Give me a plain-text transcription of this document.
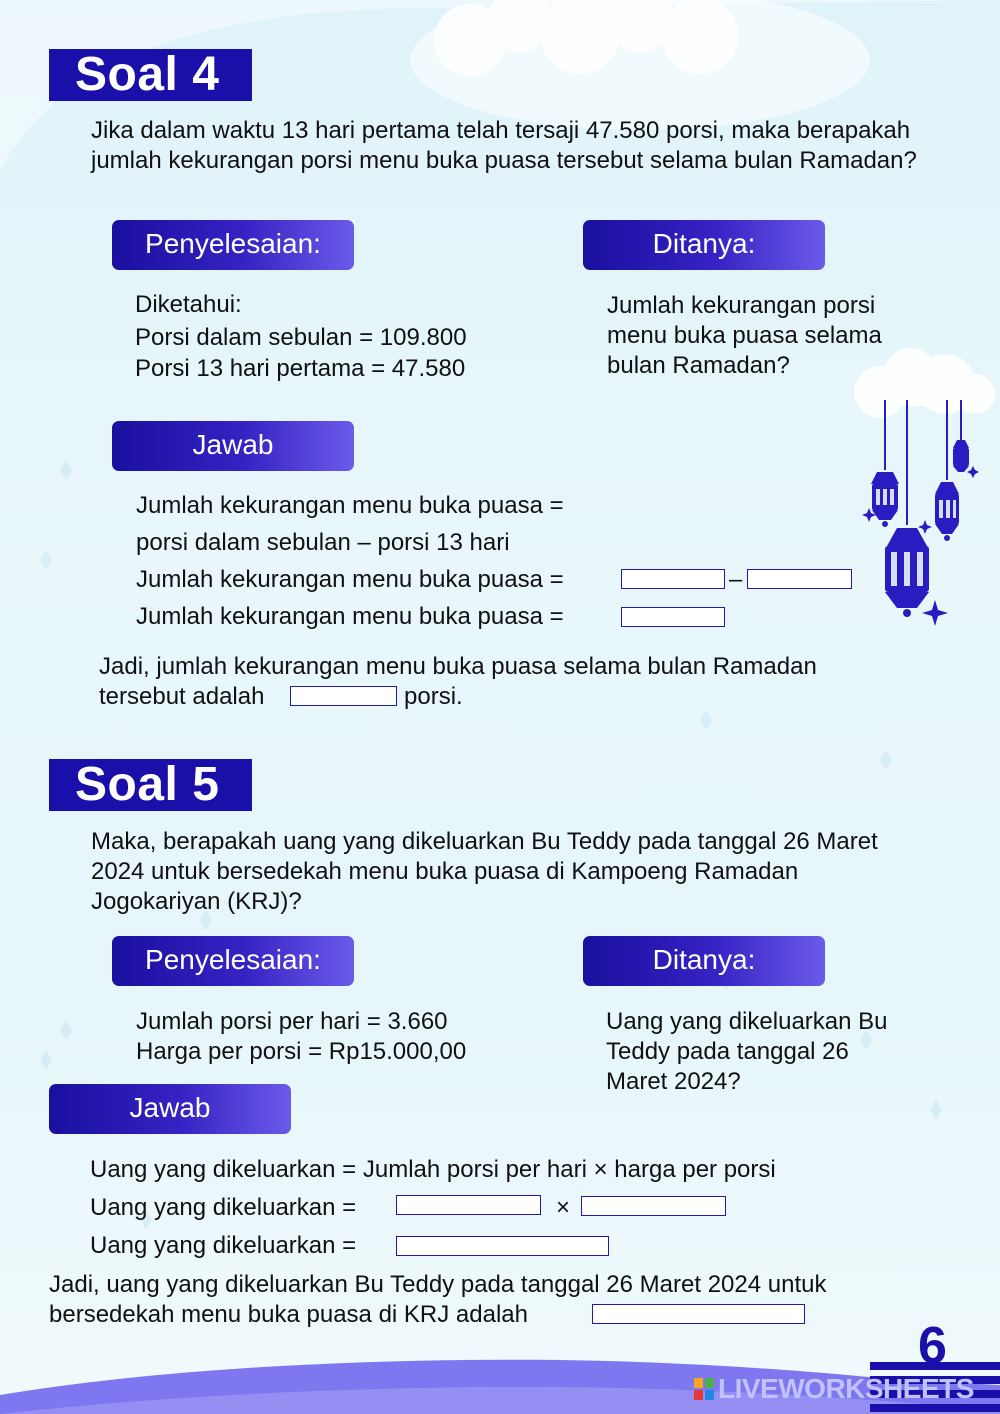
Soal 4
Jika dalam waktu 13 hari pertama telah tersaji 47.580 porsi, maka berapakah jumlah kekurangan porsi menu buka puasa tersebut selama bulan Ramadan?
Penyelesaian:	Ditanya:
Diketahui:
Porsi dalam sebulan = 109.800
Porsi 13 hari pertama = 47.580
Jumlah kekurangan porsi menu buka puasa selama bulan Ramadan?
Jawab
Jumlah kekurangan menu buka puasa =
porsi dalam sebulan – porsi 13 hari
Jumlah kekurangan menu buka puasa =	–
Jumlah kekurangan menu buka puasa =
Jadi, jumlah kekurangan menu buka puasa selama bulan Ramadan
tersebut adalah	porsi.
Soal 5
Maka, berapakah uang yang dikeluarkan Bu Teddy pada tanggal 26 Maret 2024 untuk bersedekah menu buka puasa di Kampoeng Ramadan Jogokariyan (KRJ)?
Penyelesaian:	Ditanya:
Jumlah porsi per hari = 3.660
Harga per porsi = Rp15.000,00
Uang yang dikeluarkan Bu Teddy pada tanggal 26 Maret 2024?
Jawab
Uang yang dikeluarkan = Jumlah porsi per hari × harga per porsi
Uang yang dikeluarkan =	×
Uang yang dikeluarkan =
Jadi, uang yang dikeluarkan Bu Teddy pada tanggal 26 Maret 2024 untuk
bersedekah menu buka puasa di KRJ adalah
6
LIVEWORKSHEETS
